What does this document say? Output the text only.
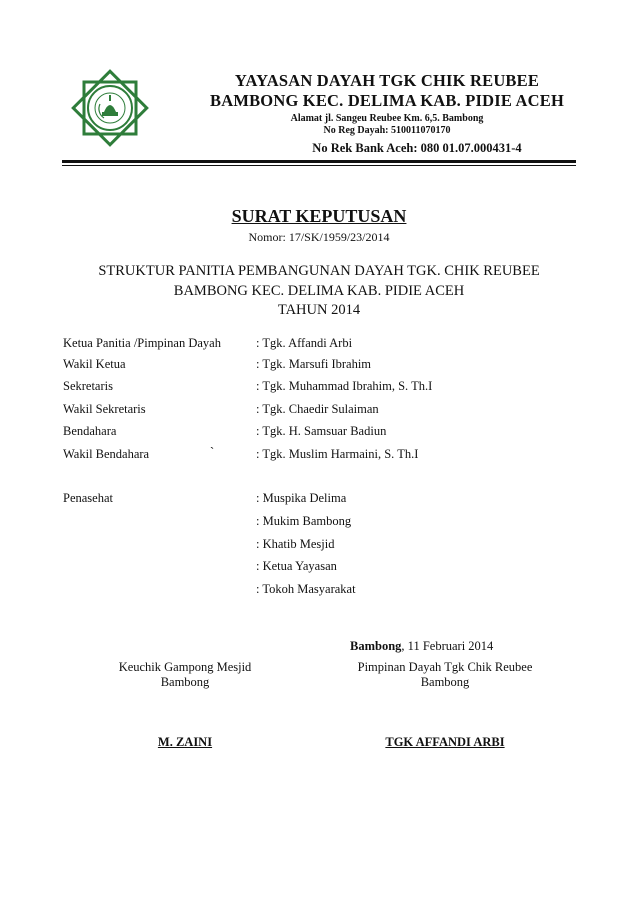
YAYASAN DAYAH TGK CHIK REUBEE
BAMBONG KEC. DELIMA KAB. PIDIE ACEH
Alamat jl. Sangeu Reubee Km. 6,5. Bambong
No Reg Dayah: 510011070170
No Rek Bank Aceh: 080 01.07.000431-4
SURAT KEPUTUSAN
Nomor: 17/SK/1959/23/2014
STRUKTUR PANITIA PEMBANGUNAN DAYAH TGK. CHIK REUBEE
BAMBONG KEC. DELIMA KAB. PIDIE ACEH
TAHUN 2014
Ketua Panitia /Pimpinan Dayah	: Tgk. Affandi Arbi
Wakil Ketua	: Tgk. Marsufi Ibrahim
Sekretaris	: Tgk. Muhammad Ibrahim, S. Th.I
Wakil Sekretaris	: Tgk. Chaedir Sulaiman
Bendahara	: Tgk. H. Samsuar Badiun
Wakil Bendahara	`	: Tgk. Muslim Harmaini, S. Th.I
Penasehat	: Muspika Delima
: Mukim Bambong
: Khatib Mesjid
: Ketua Yayasan
: Tokoh Masyarakat
Bambong, 11 Februari 2014
Keuchik Gampong Mesjid
Bambong
Pimpinan Dayah Tgk Chik Reubee
Bambong
M. ZAINI	TGK AFFANDI ARBI
